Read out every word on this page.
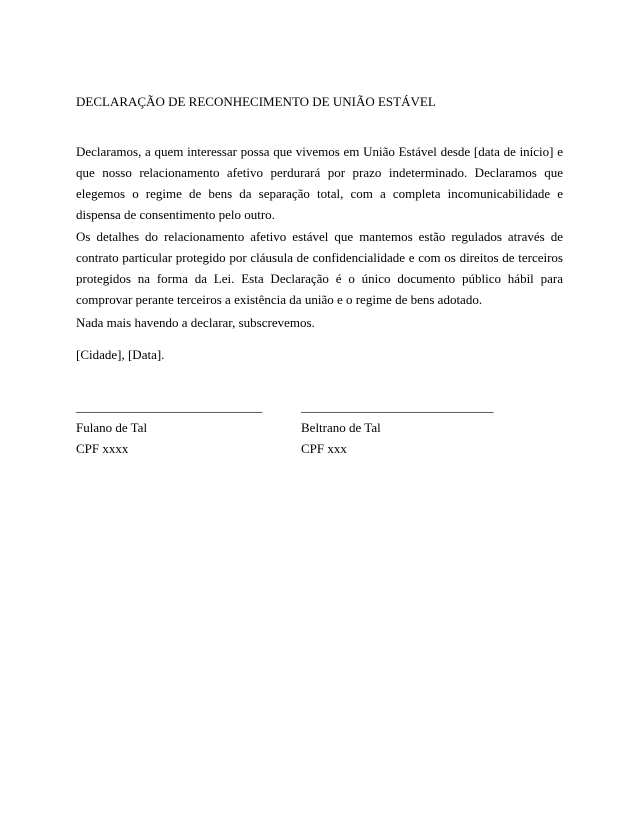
DECLARAÇÃO DE RECONHECIMENTO DE UNIÃO ESTÁVEL
Declaramos, a quem interessar possa que vivemos em União Estável desde [data de início] e que nosso relacionamento afetivo perdurará por prazo indeterminado. Declaramos que elegemos o regime de bens da separação total, com a completa incomunicabilidade e dispensa de consentimento pelo outro.
Os detalhes do relacionamento afetivo estável que mantemos estão regulados através de contrato particular protegido por cláusula de confidencialidade e com os direitos de terceiros protegidos na forma da Lei. Esta Declaração é o único documento público hábil para comprovar perante terceiros a existência da união e o regime de bens adotado.
Nada mais havendo a declarar, subscrevemos.
[Cidade], [Data].
______________________________
Fulano de Tal
CPF xxxx
_______________________________
Beltrano de Tal
CPF xxx
